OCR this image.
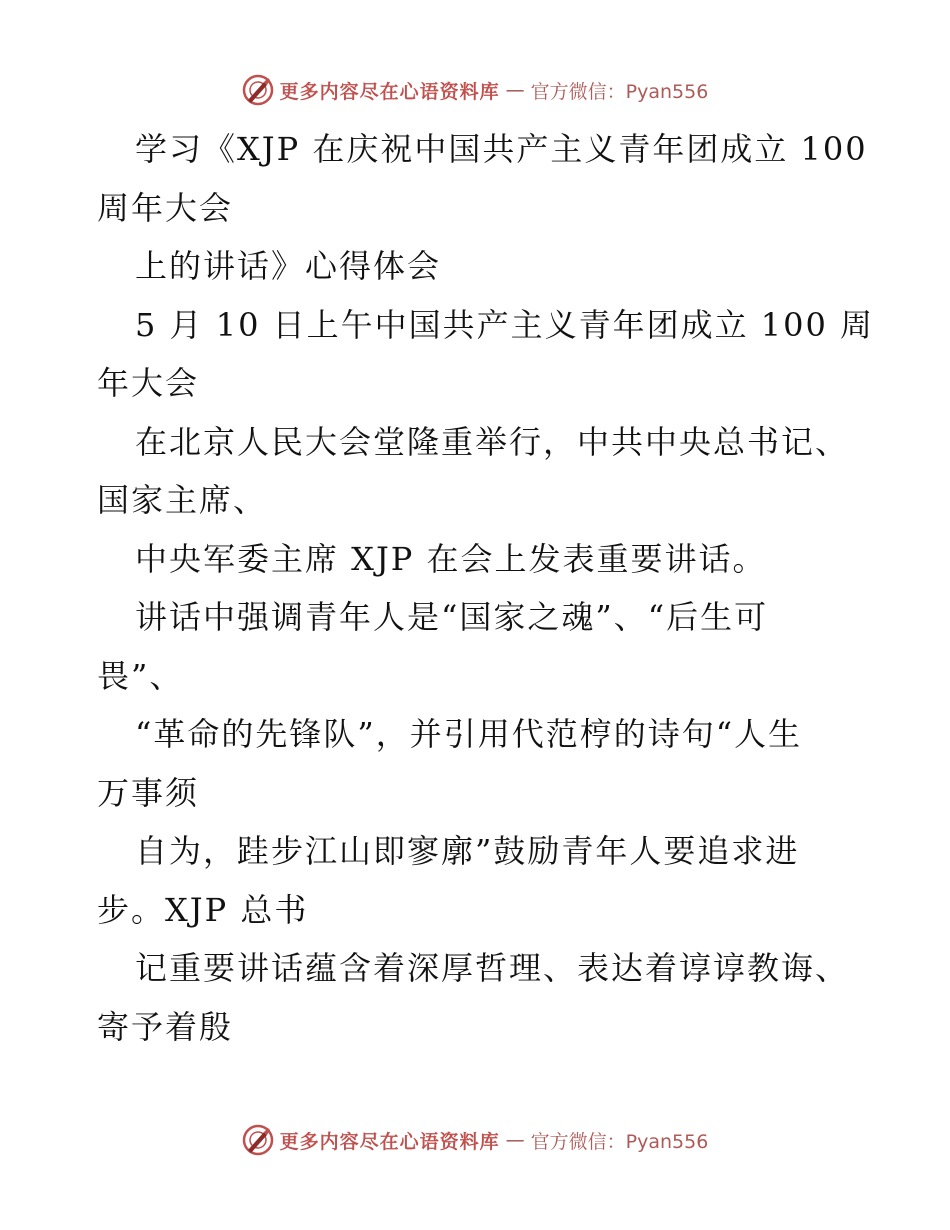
更多内容尽在心语资料库 — 官方微信：Pyan556
学习《XJP 在庆祝中国共产主义青年团成立 100
周年大会
上的讲话》心得体会
5 月 10 日上午中国共产主义青年团成立 100 周
年大会
在北京人民大会堂隆重举行，中共中央总书记、
国家主席、
中央军委主席 XJP 在会上发表重要讲话。
讲话中强调青年人是“国家之魂”、“后生可
畏”、
“革命的先锋队”，并引用代范梈的诗句“人生
万事须
自为，跬步江山即寥廓”鼓励青年人要追求进
步。XJP 总书
记重要讲话蕴含着深厚哲理、表达着谆谆教诲、
寄予着殷
更多内容尽在心语资料库 — 官方微信：Pyan556
